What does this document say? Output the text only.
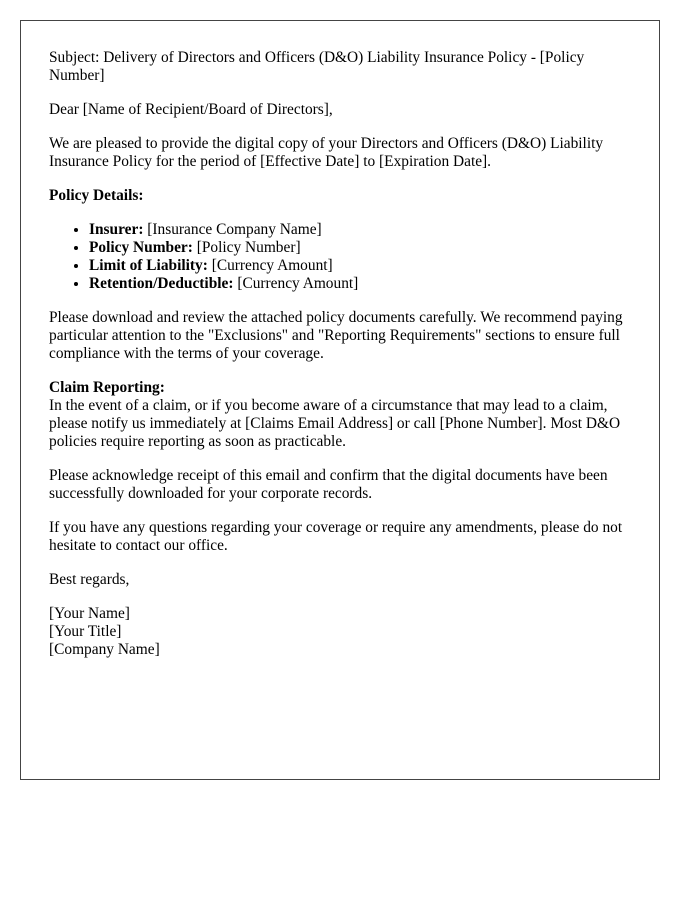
Subject: Delivery of Directors and Officers (D&O) Liability Insurance Policy - [Policy Number]

Dear [Name of Recipient/Board of Directors],

We are pleased to provide the digital copy of your Directors and Officers (D&O) Liability Insurance Policy for the period of [Effective Date] to [Expiration Date].

Policy Details:

• Insurer: [Insurance Company Name]
• Policy Number: [Policy Number]
• Limit of Liability: [Currency Amount]
• Retention/Deductible: [Currency Amount]

Please download and review the attached policy documents carefully. We recommend paying particular attention to the "Exclusions" and "Reporting Requirements" sections to ensure full compliance with the terms of your coverage.

Claim Reporting:
In the event of a claim, or if you become aware of a circumstance that may lead to a claim, please notify us immediately at [Claims Email Address] or call [Phone Number]. Most D&O policies require reporting as soon as practicable.

Please acknowledge receipt of this email and confirm that the digital documents have been successfully downloaded for your corporate records.

If you have any questions regarding your coverage or require any amendments, please do not hesitate to contact our office.

Best regards,

[Your Name]
[Your Title]
[Company Name]
